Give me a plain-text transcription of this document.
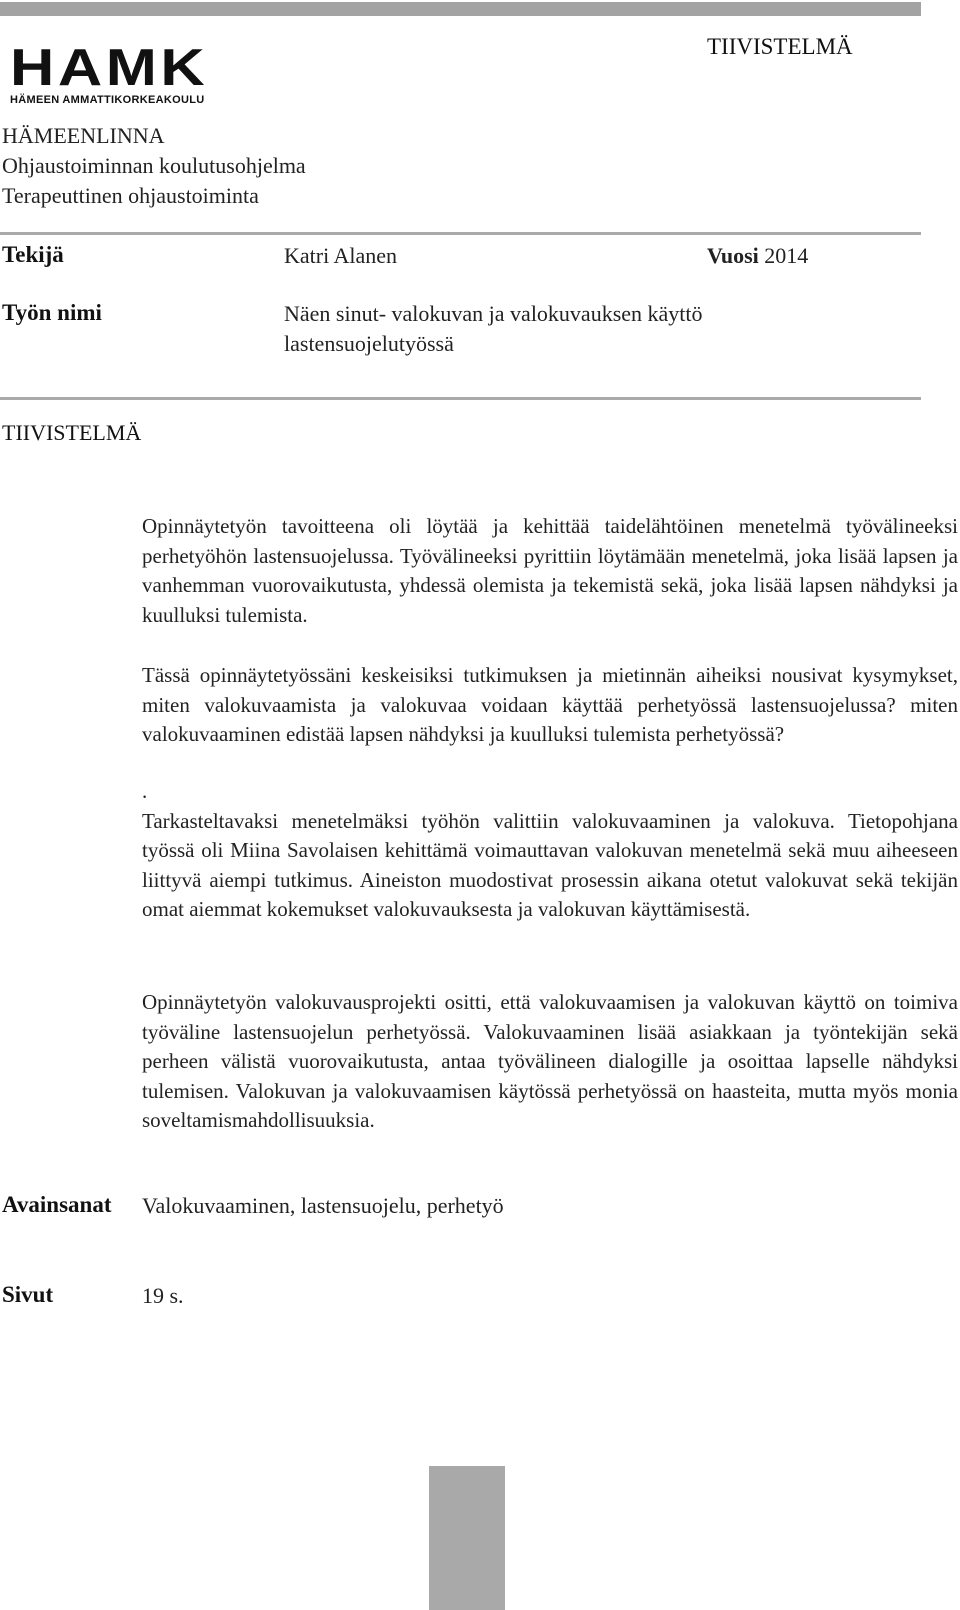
HAMK
HÄMEEN AMMATTIKORKEAKOULU
TIIVISTELMÄ
HÄMEENLINNA
Ohjaustoiminnan koulutusohjelma
Terapeuttinen ohjaustoiminta
Tekijä	Katri Alanen	Vuosi 2014
Työn nimi	Näen sinut- valokuvan ja valokuvauksen käyttö
lastensuojelutyössä
TIIVISTELMÄ
Opinnäytetyön tavoitteena oli löytää ja kehittää taidelähtöinen menetelmä työvälineeksi perhetyöhön lastensuojelussa. Työvälineeksi pyrittiin löytämään menetelmä, joka lisää lapsen ja vanhemman vuorovaikutusta, yhdessä olemista ja tekemistä sekä, joka lisää lapsen nähdyksi ja kuulluksi tulemista.
Tässä opinnäytetyössäni keskeisiksi tutkimuksen ja mietinnän aiheiksi nousivat kysymykset, miten valokuvaamista ja valokuvaa voidaan käyttää perhetyössä lastensuojelussa? miten valokuvaaminen edistää lapsen nähdyksi ja kuulluksi tulemista perhetyössä?
.
Tarkasteltavaksi menetelmäksi työhön valittiin valokuvaaminen ja valokuva. Tietopohjana työssä oli Miina Savolaisen kehittämä voimauttavan valokuvan menetelmä sekä muu aiheeseen liittyvä aiempi tutkimus. Aineiston muodostivat prosessin aikana otetut valokuvat sekä tekijän omat aiemmat kokemukset valokuvauksesta ja valokuvan käyttämisestä.
Opinnäytetyön valokuvausprojekti ositti, että valokuvaamisen ja valokuvan käyttö on toimiva työväline lastensuojelun perhetyössä. Valokuvaaminen lisää asiakkaan ja työntekijän sekä perheen välistä vuorovaikutusta, antaa työvälineen dialogille ja osoittaa lapselle nähdyksi tulemisen. Valokuvan ja valokuvaamisen käytössä perhetyössä on haasteita, mutta myös monia soveltamismahdollisuuksia.
Avainsanat Valokuvaaminen, lastensuojelu, perhetyö
Sivut	19 s.
